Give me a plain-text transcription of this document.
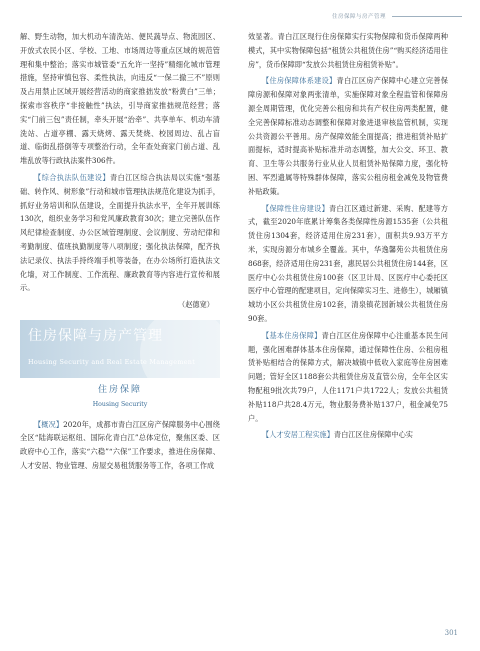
住房保障与房产管理

解、野生动物，加大机动车清洗站、便民蔬导点、物流园区、开放式农民小区、学校、工地、市场周边等重点区域的规范管理和集中整治；落实市城管委“五允许一坚持”精细化城市管理措施，坚持审慎包容、柔性执法，向违反“一保二撤三不”原则及占用禁止区域开展经营活动的商家推拙发放“粉黄白”三单；探索市容秩序“非接触性”执法，引导商家推拙规范经营；落实“门前三包”责任制，牵头开展“治牵”、共享单车、机动车清洗站、占道亭棚、露天烧烤、露天焚烧、校园周边、乱占盲道、临街乱搭倒等专项整治行动，全年查处商家门前占道、乱堆乱放等行政执法案件306件。

【综合执法队伍建设】青白江区综合执法局以实施“强基础、转作风、树形象”行动和城市管理执法规范化建设为抓手，抓好业务培训和队伍建设，全面提升执法水平，全年开展训练130次，组织业务学习和党风廉政教育30次；建立完善队伍作风纪律检查制度、办公区域管理制度、会议制度、劳动纪律和考勤制度、值班执勤制度等八项制度；强化执法保障，配齐执法记录仪、执法手持终端手机等装备，在办公场所打造执法文化墙，对工作制度、工作流程、廉政教育等内容进行宣传和展示。

（赵德宽）
住房保障与房产管理
Housing Security and Real Estate Management
住房保障
Housing Security

【概况】2020年，成都市青白江区房产保障服务中心围绕全区“陆海联运枢纽、国际化青白江”总体定位，聚焦区委、区政府中心工作，落实“六稳”“六保”工作要求，推进住房保障、人才安居、物业管理、房屋交易租赁服务等工作，各项工作成

效显著。青白江区现行住房保障实行实物保障和货币保障两种模式，其中实物保障包括“租赁公共租赁住房”“购买经济适用住房”，货币保障即“发放公共租赁住房租赁补贴”。

【住房保障体系建设】青白江区房产保障中心建立完善保障房源和保障对象两张清单，实施保障对象全程监管和保障房源全周期管理，优化完善公租房和共有产权住房两类配置，健全完善保障标准动态调整和保障对象进退审核监管机制，实现公共资源公平善用。房产保障效能全面提高；推进租赁补贴扩面提标，适时提高补贴标准并动态调整，加大公交、环卫、教育、卫生等公共服务行业从业人员租赁补贴保障力度，强化特困、军烈遗属等特殊群体保障，落实公租房租金减免及物管费补贴政策。

【保障性住房建设】青白江区通过新建、采购、配建等方式，截至2020年底累计筹集各类保障性房源1535套（公共租赁住房1304套，经济适用住房231套），面积共9.93万平方米，实现房源分布城乡全覆盖。其中，华逸馨苑公共租赁住房868套，经济适用住房231套，惠民居公共租赁住房144套，区医疗中心公共租赁住房100套（区卫计局、区医疗中心委托区医疗中心管理的配建项目，定向保障实习生、进修生），城厢镇城坊小区公共租赁住房102套，清泉镇花园新城公共租赁住房90套。

【基本住房保障】青白江区住房保障中心注重基本民生问题，强化困难群体基本住房保障，通过保障性住房、公租房租赁补贴相结合的保障方式，解决城镇中低收入家庭等住房困难问题；管好全区1188套公共租赁住房及直管公房，全年全区实物配租9批次共79户，人住1171户共1722人；发放公共租赁补贴118户共28.4万元，物业服务费补贴137户，租金减免75户。

【人才安居工程实施】青白江区住房保障中心实

301
